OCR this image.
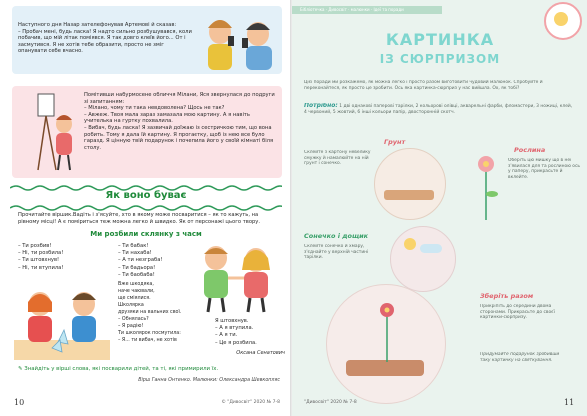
Наступного дня Назар зателефонував Артемові й сказав:
– Пробач мені, будь ласка! Я надто сильно розбушувався, коли побачив, що мій літак поміявся. Я так довго клеїв його... От і засмутився. Я не хотів тебе образити, просто не зміг опанувати себе вчасно.
Помітивши набурмосене обличчя Мілани, Яся звернулася до подруги зі запитанням:
– Мілано, чому ти така невдоволена? Щось не так?
– Авжеж. Твоя мала зараз замазала мою картину. А я навіть учителька на гуртку похвалила.
– Вибач, будь ласка! Я зазвичай доїжаю із сестричкою тим, що вона робить. Тому я дала їй картину. Я прогаєтку, щоб із нею все було гаразд. Я цінную твій подарунок і почепила його у своїй кімнаті біля столу.
Як воно буває
Прочитайте віршик.Вадіть і з'ясуйте, хто в якому може посваритися – як то кажуть, на рівному місці! А є поміриться теж можна легко й швидко. Як от персонажі цього твору.
Ми розбили склянку з часм
– Ти розбив!
– Ні, ти розбила!
– Ти штовхнув!
– Ні, ти втупила!
– Ти бабак!
– Ти нахаба!
– А ти незграба!
– Ти бадьора!
– Ти баобаба!
Вже шкодяка,
наче чаювали,
ще сміялися.
Школярка
друзяки на вальних свої.
– Обнялась?
– Я радію!
Ти школярок посмутила:
– Я... ти вибач, не хотів
Я штовхнув.
– А я втупила.
– А я ти.
– Це я розбила.
Оксана Сенатович
✎ Знайдіть у вірші слова, які посварили дітей, та ті, які примирили їх.
Вірш Ганна Онтенко. Малюнки: Олександра Шевкопляс
10	© "Дивосвіт" 2020 № 7-8
Бібліотечка · Дивосвіт · малюнки · Ідеї та поради
КАРТИНКА
ІЗ СЮРПРИЗОМ
Цієї поради ми розкажемо, як можна легко і просто разом виготовити чудовий малюнок. Спробуйте й переконайтеся, як просто це зробити. Ось яка картинка-сюрприз у нас вийшла. Ох, як тобі?
Потрібно: 1 дві однакові паперові тарілки, 2 кольорові олівці, акварельні фарби, фломастери, 3 ножиці, клей, 4 червоний, 5 жовтий, 6 інші кольори папір, двосторонній скотч.
Грунт
Склейте з картону невелику смужку й намалюйте на ній грунт і сонечко.
Рослина
Оберіть цю мишку що в неї з'явилася для та рослиною ось у паперу, прикрасьте й вклейте.
Сонечко і дощик
Склейте сонечко й хмару, з'єднайте у верхній частині тарілки.
Зберіть разом
Прикріпіть до середини двома сторонами. Прикрасьте до своєї картинки-сюрпризу.
Придумайте подарунок зробивши таку картинку на святкування.
"Дивосвіт" 2020 № 7-8	11
